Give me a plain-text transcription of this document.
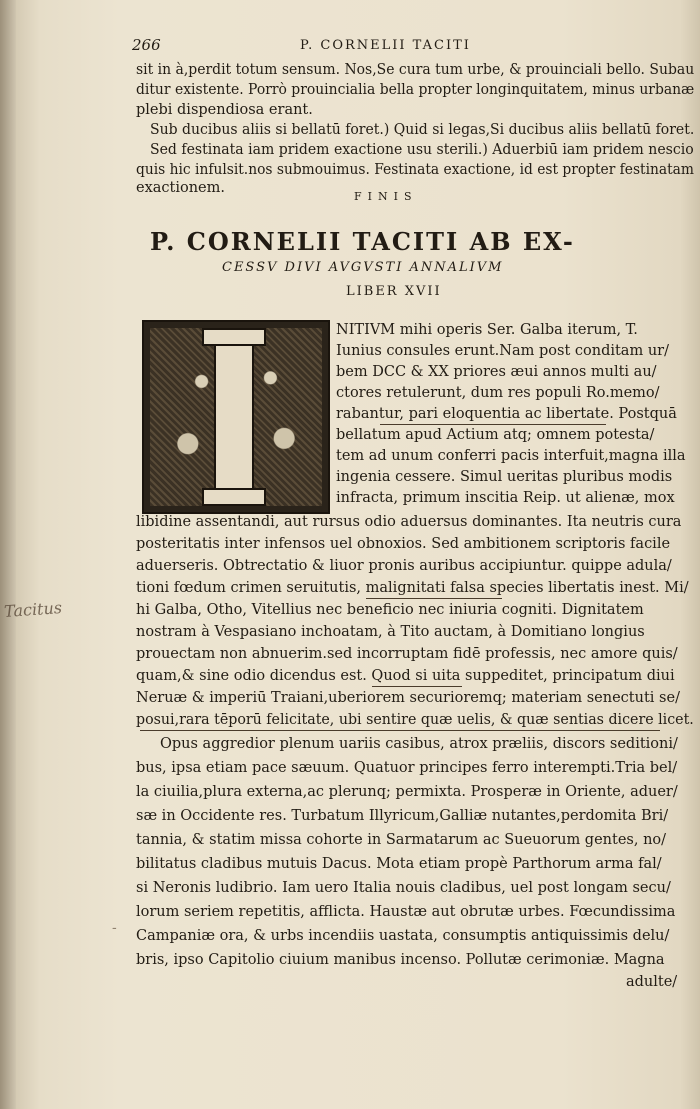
266	P. CORNELII TACITI
sit in à,perdit totum sensum. Nos,Se cura tum urbe, & prouinciali bello. Subau
ditur existente. Porrò prouincialia bella propter longinquitatem, minus urbanæ
plebi dispendiosa erant.
Sub ducibus aliis si bellatū foret.) Quid si legas,Si ducibus aliis bellatū foret.
Sed festinata iam pridem exactione usu sterili.) Aduerbiū iam pridem nescio
quis hic infulsit.nos submouimus. Festinata exactione, id est propter festinatam
exactionem.
FINIS
P. CORNELII TACITI AB EX-
CESSV DIVI AVGVSTI ANNALIVM
LIBER XVII
NITIVM mihi operis Ser. Galba iterum, T.
Iunius consules erunt.Nam post conditam ur/
bem DCC & XX priores æui annos multi au/
ctores retulerunt, dum res populi Ro.memo/
rabantur, pari eloquentia ac libertate. Postquā
bellatum apud Actium atq; omnem potesta/
tem ad unum conferri pacis interfuit,magna illa
ingenia cessere. Simul ueritas pluribus modis
infracta, primum inscitia Reip. ut alienæ, mox
libidine assentandi, aut rursus odio aduersus dominantes. Ita neutris cura
posteritatis inter infensos uel obnoxios. Sed ambitionem scriptoris facile
aduerseris. Obtrectatio & liuor pronis auribus accipiuntur. quippe adula/
tioni fœdum crimen seruitutis, malignitati falsa species libertatis inest. Mi/
hi Galba, Otho, Vitellius nec beneficio nec iniuria cogniti. Dignitatem
nostram à Vespasiano inchoatam, à Tito auctam, à Domitiano longius
prouectam non abnuerim.sed incorruptam fidē professis, nec amore quis/
quam,& sine odio dicendus est. Quod si uita suppeditet, principatum diui
Neruæ & imperiū Traiani,uberiorem securioremq; materiam senectuti se/
posui,rara tēporū felicitate, ubi sentire quæ uelis, & quæ sentias dicere licet.
Opus aggredior plenum uariis casibus, atrox præliis, discors seditioni/
bus, ipsa etiam pace sæuum. Quatuor principes ferro interempti.Tria bel/
la ciuilia,plura externa,ac plerunq; permixta. Prosperæ in Oriente, aduer/
sæ in Occidente res. Turbatum Illyricum,Galliæ nutantes,perdomita Bri/
tannia, & statim missa cohorte in Sarmatarum ac Sueuorum gentes, no/
bilitatus cladibus mutuis Dacus. Mota etiam propè Parthorum arma fal/
si Neronis ludibrio. Iam uero Italia nouis cladibus, uel post longam secu/
lorum seriem repetitis, afflicta. Haustæ aut obrutæ urbes. Fœcundissima
Campaniæ ora, & urbs incendiis uastata, consumptis antiquissimis delu/
bris, ipso Capitolio ciuium manibus incenso. Pollutæ cerimoniæ. Magna
adulte/
Tacitus
-
